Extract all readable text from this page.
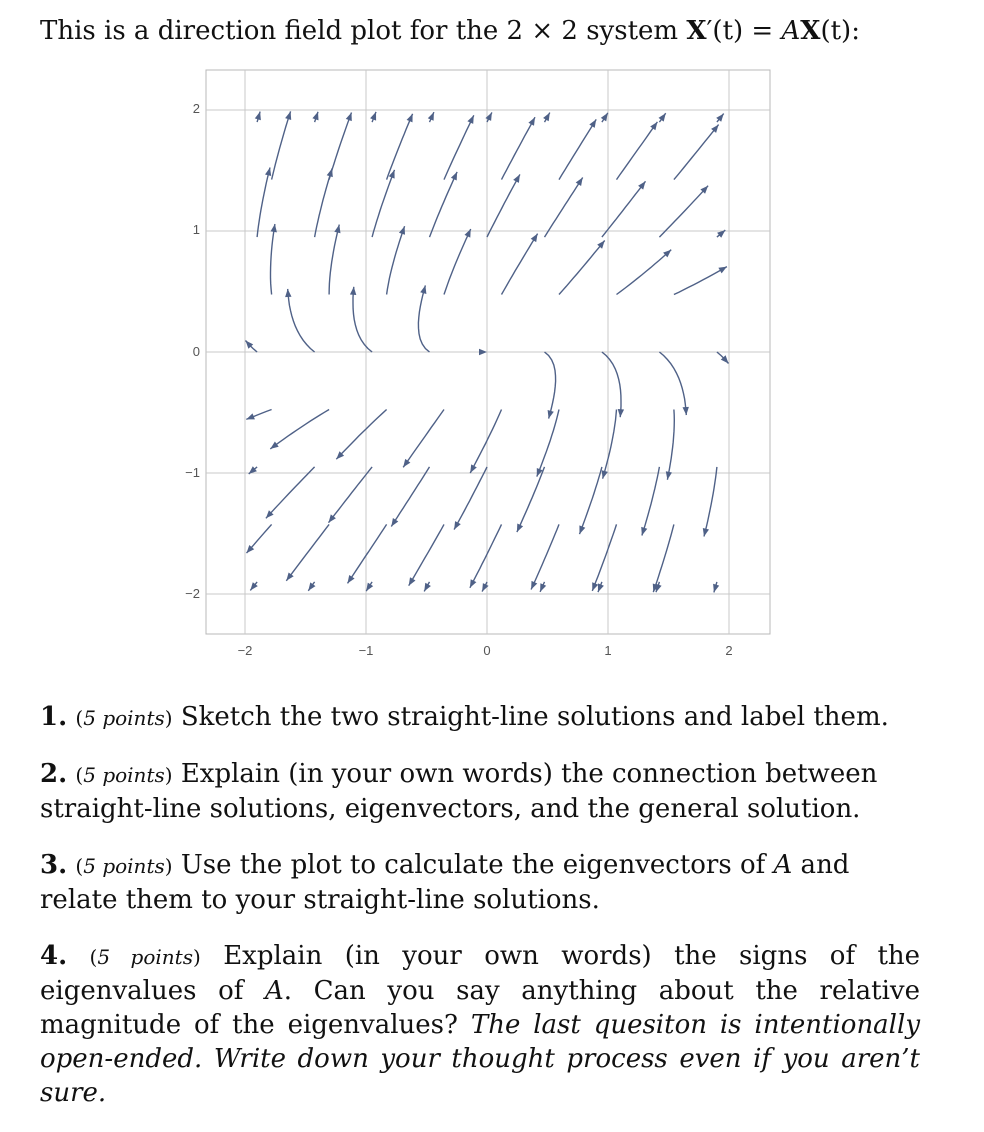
This is a direction field plot for the 2 × 2 system X′(t) = AX(t):
−2	−1	0	1	2
2
1
0
−1
−2

1. (5 points) Sketch the two straight-line solutions and label them.

2. (5 points) Explain (in your own words) the connection between straight-line solutions, eigenvectors, and the general solution.

3. (5 points) Use the plot to calculate the eigenvectors of A and relate them to your straight-line solutions.

4. (5 points) Explain (in your own words) the signs of the eigenvalues of A. Can you say anything about the relative magnitude of the eigenvalues? The last quesiton is intentionally open-ended. Write down your thought process even if you aren’t sure.
